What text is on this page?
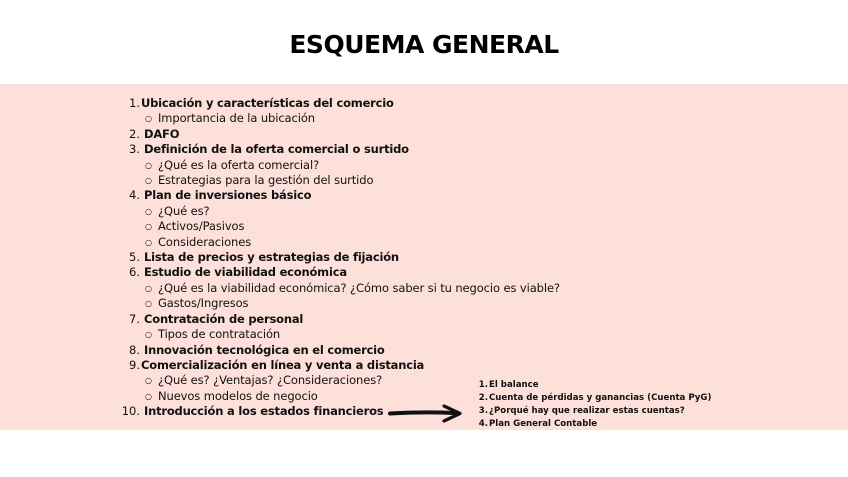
ESQUEMA GENERAL
1. Ubicación y características del comercio
○ Importancia de la ubicación
2. DAFO
3. Definición de la oferta comercial o surtido
○ ¿Qué es la oferta comercial?
○ Estrategias para la gestión del surtido
4. Plan de inversiones básico
○ ¿Qué es?
○ Activos/Pasivos
○ Consideraciones
5. Lista de precios y estrategias de fijación
6. Estudio de viabilidad económica
○ ¿Qué es la viabilidad económica? ¿Cómo saber si tu negocio es viable?
○ Gastos/Ingresos
7. Contratación de personal
○ Tipos de contratación
8. Innovación tecnológica en el comercio
9. Comercialización en línea y venta a distancia
○ ¿Qué es? ¿Ventajas? ¿Consideraciones?
○ Nuevos modelos de negocio
10. Introducción a los estados financieros
1. El balance
2. Cuenta de pérdidas y ganancias (Cuenta PyG)
3. ¿Porqué hay que realizar estas cuentas?
4. Plan General Contable
